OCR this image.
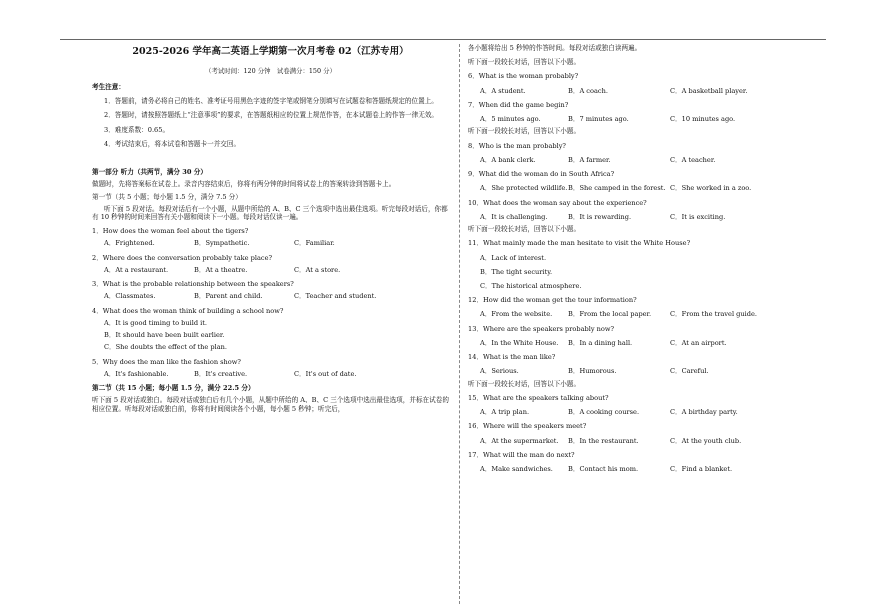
2025-2026 学年高二英语上学期第一次月考卷 02（江苏专用）
（考试时间：120 分钟　试卷满分：150 分）

考生注意：

1．答题前，请务必将自己的姓名、准考证号用黑色字迹的签字笔或钢笔分别填写在试题卷和答题纸规定的位置上。

2．答题时，请按照答题纸上“注意事项”的要求，在答题纸相应的位置上规范作答，在本试题卷上的作答一律无效。

3．难度系数：0.65。

4．考试结束后，将本试卷和答题卡一并交回。

第一部分 听力（共两节，满分 30 分）

做题时，先将答案标在试卷上。录音内容结束后，你将有两分钟的时间将试卷上的答案转涂到答题卡上。

第一节（共 5 小题；每小题 1.5 分，满分 7.5 分）

听下面 5 段对话。每段对话后有一个小题，从题中所给的 A、B、C 三个选项中选出最佳选项。听完每段对话后，你都有 10 秒钟的时间来回答有关小题和阅读下一小题。每段对话仅读一遍。

1．How does the woman feel about the tigers?

A．Frightened.	B．Sympathetic.	C．Familiar.

2．Where does the conversation probably take place?

A．At a restaurant.	B．At a theatre.	C．At a store.

3．What is the probable relationship between the speakers?

A．Classmates.	B．Parent and child.	C．Teacher and student.

4．What does the woman think of building a school now?

A．It is good timing to build it.

B．It should have been built earlier.

C．She doubts the effect of the plan.

5．Why does the man like the fashion show?

A．It's fashionable.	B．It's creative.	C．It's out of date.

第二节（共 15 小题；每小题 1.5 分，满分 22.5 分）

听下面 5 段对话或独白。每段对话或独白后有几个小题，从题中所给的 A、B、C 三个选项中选出最佳选项，并标在试卷的相应位置。听每段对话或独白前，你将有时间阅读各个小题，每小题 5 秒钟；听完后，

各小题将给出 5 秒钟的作答时间。每段对话或独白读两遍。

听下面一段较长对话，回答以下小题。

6．What is the woman probably?

A．A student.	B．A coach.	C．A basketball player.

7．When did the game begin?

A．5 minutes ago.	B．7 minutes ago.	C．10 minutes ago.

听下面一段较长对话，回答以下小题。

8．Who is the man probably?

A．A bank clerk.	B．A farmer.	C．A teacher.

9．What did the woman do in South Africa?

A．She protected wildlife. B．She camped in the forest. C．She worked in a zoo.

10．What does the woman say about the experience?

A．It is challenging.	B．It is rewarding.	C．It is exciting.

听下面一段较长对话，回答以下小题。

11．What mainly made the man hesitate to visit the White House?

A．Lack of interest.

B．The tight security.

C．The historical atmosphere.

12．How did the woman get the tour information?

A．From the website.	B．From the local paper.	C．From the travel guide.

13．Where are the speakers probably now?

A．In the White House.	B．In a dining hall.	C．At an airport.

14．What is the man like?

A．Serious.	B．Humorous.	C．Careful.

听下面一段较长对话，回答以下小题。

15．What are the speakers talking about?

A．A trip plan.	B．A cooking course.	C．A birthday party.

16．Where will the speakers meet?

A．At the supermarket.	B．In the restaurant.	C．At the youth club.

17．What will the man do next?

A．Make sandwiches.	B．Contact his mom.	C．Find a blanket.
